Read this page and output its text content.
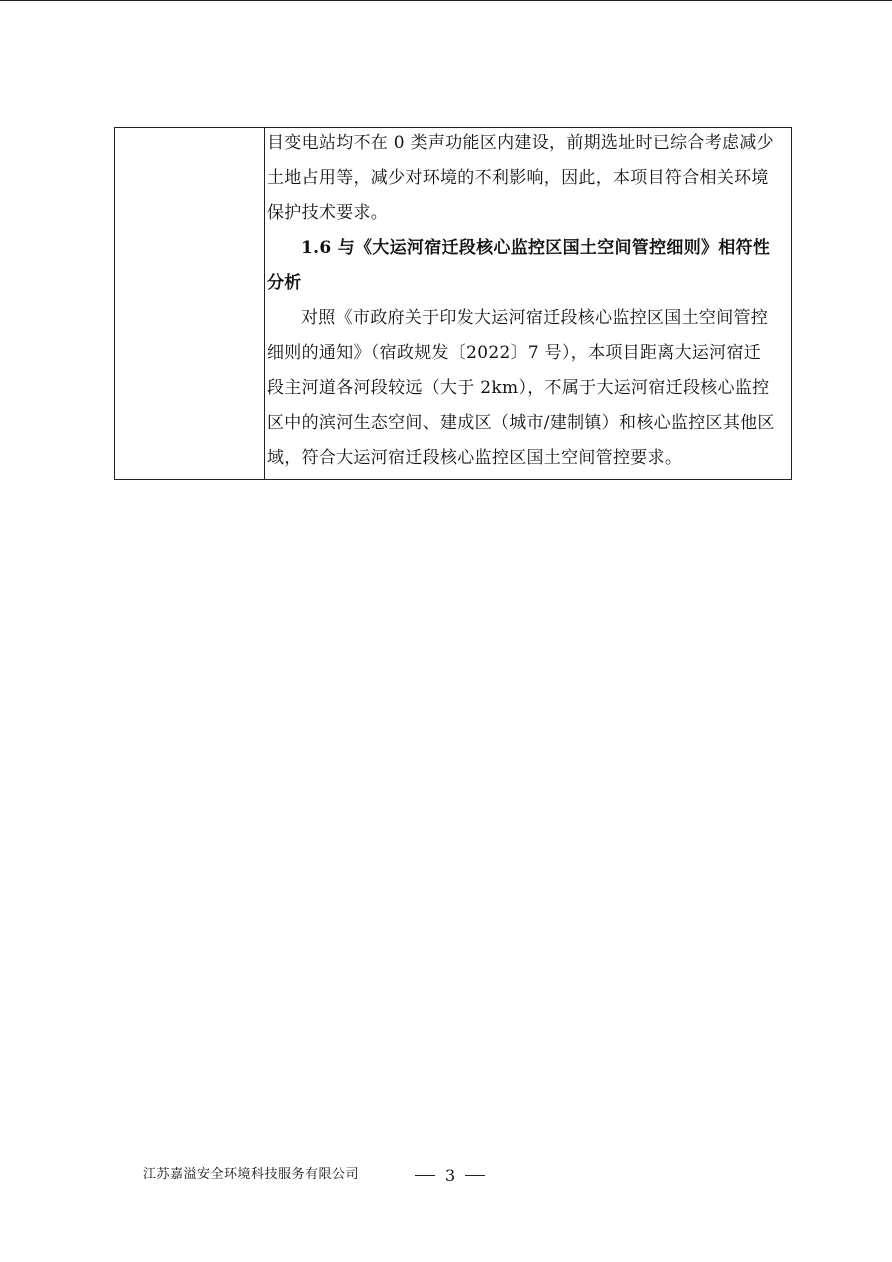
目变电站均不在 0 类声功能区内建设，前期选址时已综合考虑减少
土地占用等，减少对环境的不利影响，因此，本项目符合相关环境
保护技术要求。
1.6 与《大运河宿迁段核心监控区国土空间管控细则》相符性
分析
对照《市政府关于印发大运河宿迁段核心监控区国土空间管控
细则的通知》（宿政规发〔2022〕7 号），本项目距离大运河宿迁
段主河道各河段较远（大于 2km），不属于大运河宿迁段核心监控
区中的滨河生态空间、建成区（城市/建制镇）和核心监控区其他区
域，符合大运河宿迁段核心监控区国土空间管控要求。
江苏嘉溢安全环境科技服务有限公司	3
